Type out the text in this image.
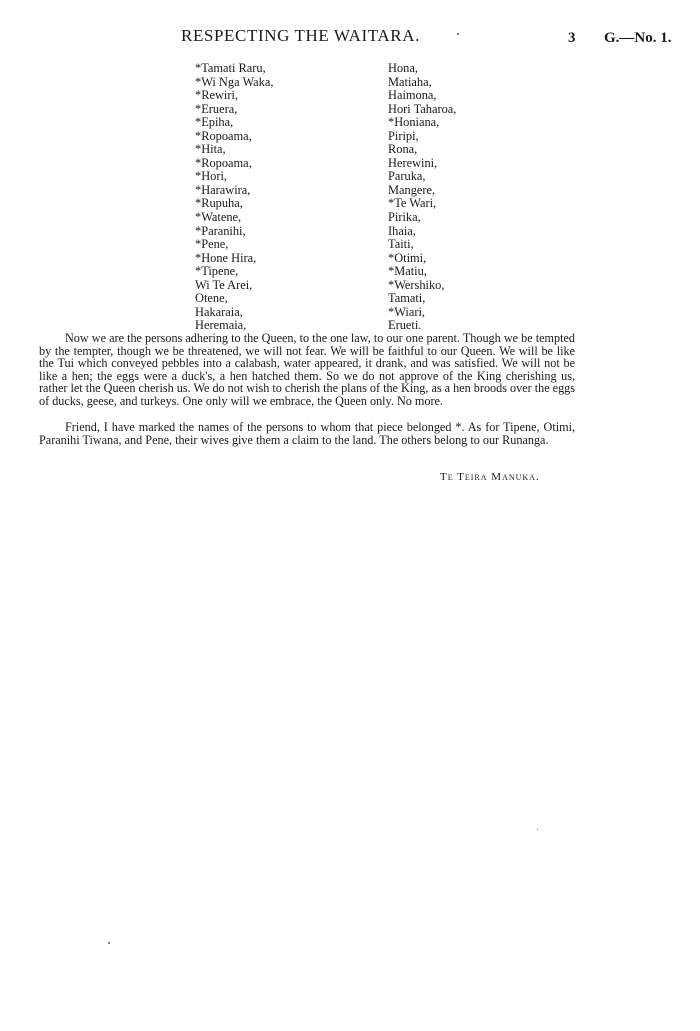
RESPECTING THE WAITARA.	3 G.—No. 1.
*Tamati Raru,
*Wi Nga Waka,
*Rewiri,
*Eruera,
*Epiha,
*Ropoama,
*Hita,
*Ropoama,
*Hori,
*Harawira,
*Rupuha,
*Watene,
*Paranihi,
*Pene,
*Hone Hira,
*Tipene,
Wi Te Arei,
Otene,
Hakaraia,
Heremaia,
Hona,
Matiaha,
Haimona,
Hori Taharoa,
*Honiana,
Piripi,
Rona,
Herewini,
Paruka,
Mangere,
*Te Wari,
Pirika,
Ihaia,
Taiti,
*Otimi,
*Matiu,
*Wershiko,
Tamati,
*Wiari,
Erueti.

Now we are the persons adhering to the Queen, to the one law, to our one parent. Though we be tempted by the tempter, though we be threatened, we will not fear. We will be faithful to our Queen. We will be like the Tui which conveyed pebbles into a calabash, water appeared, it drank, and was satisfied. We will not be like a hen; the eggs were a duck's, a hen hatched them. So we do not approve of the King cherishing us, rather let the Queen cherish us. We do not wish to cherish the plans of the King, as a hen broods over the eggs of ducks, geese, and turkeys. One only will we embrace, the Queen only. No more.

Friend, I have marked the names of the persons to whom that piece belonged *. As for Tipene, Otimi, Paranihi Tiwana, and Pene, their wives give them a claim to the land. The others belong to our Runanga.

Te Teira Manuka.
